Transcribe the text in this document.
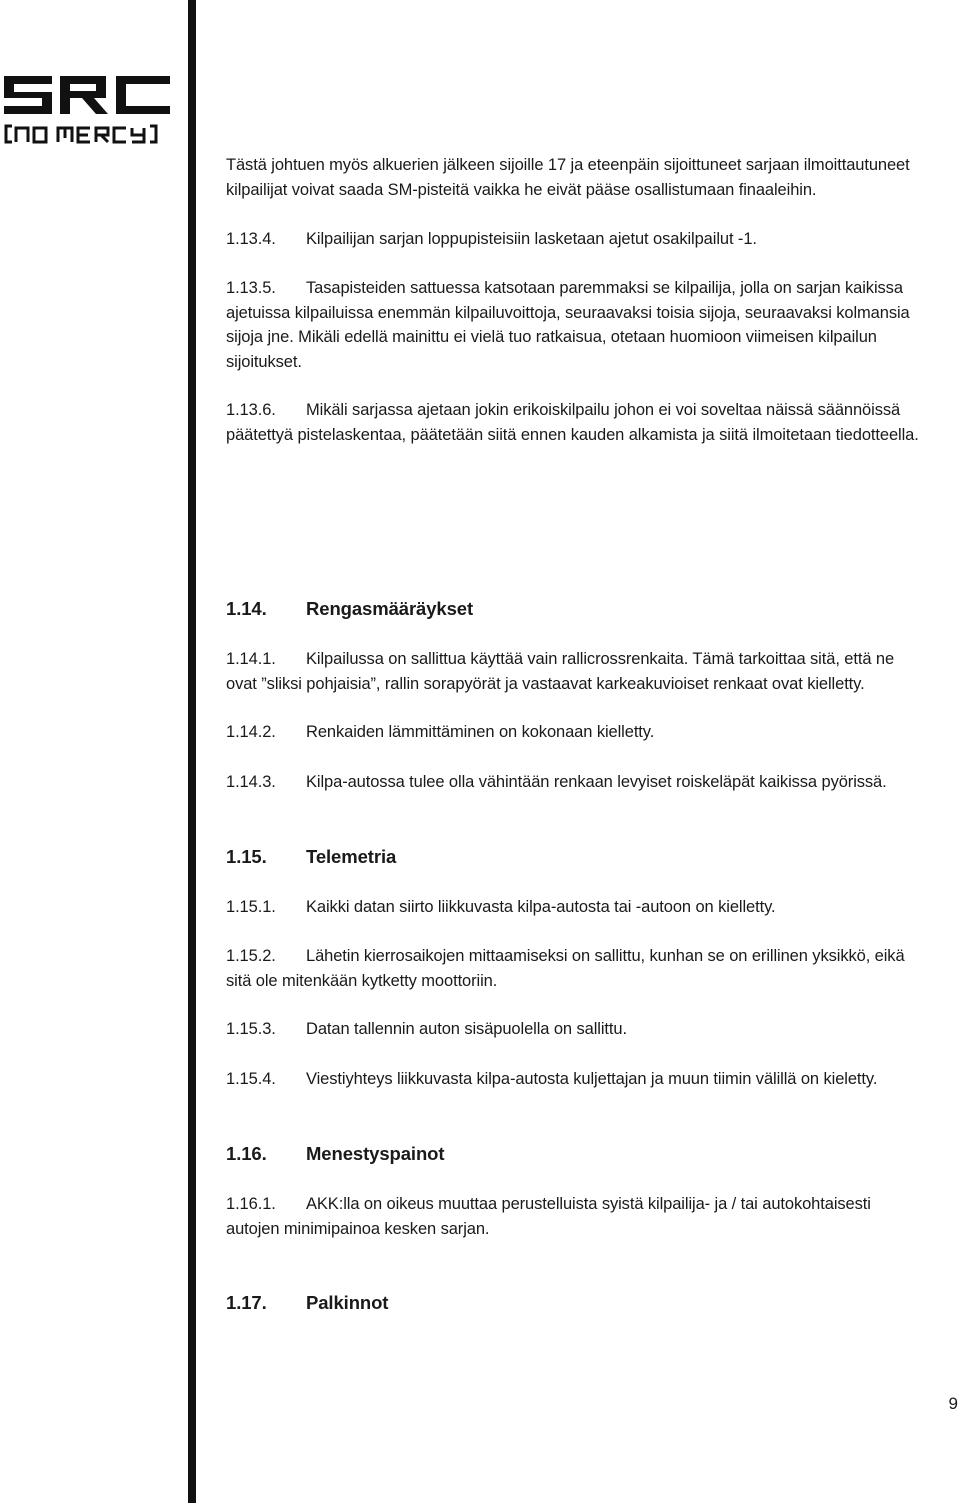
Tästä johtuen myös alkuerien jälkeen sijoille 17 ja eteenpäin sijoittuneet sarjaan ilmoittautuneet kilpailijat voivat saada SM-pisteitä vaikka he eivät pääse osallistumaan finaaleihin.

1.13.4. Kilpailijan sarjan loppupisteisiin lasketaan ajetut osakilpailut -1.

1.13.5. Tasapisteiden sattuessa katsotaan paremmaksi se kilpailija, jolla on sarjan kaikissa ajetuissa kilpailuissa enemmän kilpailuvoittoja, seuraavaksi toisia sijoja, seuraavaksi kolmansia sijoja jne. Mikäli edellä mainittu ei vielä tuo ratkaisua, otetaan huomioon viimeisen kilpailun sijoitukset.

1.13.6. Mikäli sarjassa ajetaan jokin erikoiskilpailu johon ei voi soveltaa näissä säännöissä päätettyä pistelaskentaa, päätetään siitä ennen kauden alkamista ja siitä ilmoitetaan tiedotteella.

1.14. Rengasmääräykset

1.14.1. Kilpailussa on sallittua käyttää vain rallicrossrenkaita. Tämä tarkoittaa sitä, että ne ovat ”sliksi pohjaisia”, rallin sorapyörät ja vastaavat karkeakuvioiset renkaat ovat kielletty.

1.14.2. Renkaiden lämmittäminen on kokonaan kielletty.

1.14.3. Kilpa-autossa tulee olla vähintään renkaan levyiset roiskeläpät kaikissa pyörissä.

1.15. Telemetria

1.15.1. Kaikki datan siirto liikkuvasta kilpa-autosta tai -autoon on kielletty.

1.15.2. Lähetin kierrosaikojen mittaamiseksi on sallittu, kunhan se on erillinen yksikkö, eikä sitä ole mitenkään kytketty moottoriin.

1.15.3. Datan tallennin auton sisäpuolella on sallittu.

1.15.4. Viestiyhteys liikkuvasta kilpa-autosta kuljettajan ja muun tiimin välillä on kieletty.

1.16. Menestyspainot

1.16.1. AKK:lla on oikeus muuttaa perustelluista syistä kilpailija- ja / tai autokohtaisesti autojen minimipainoa kesken sarjan.

1.17. Palkinnot
9
